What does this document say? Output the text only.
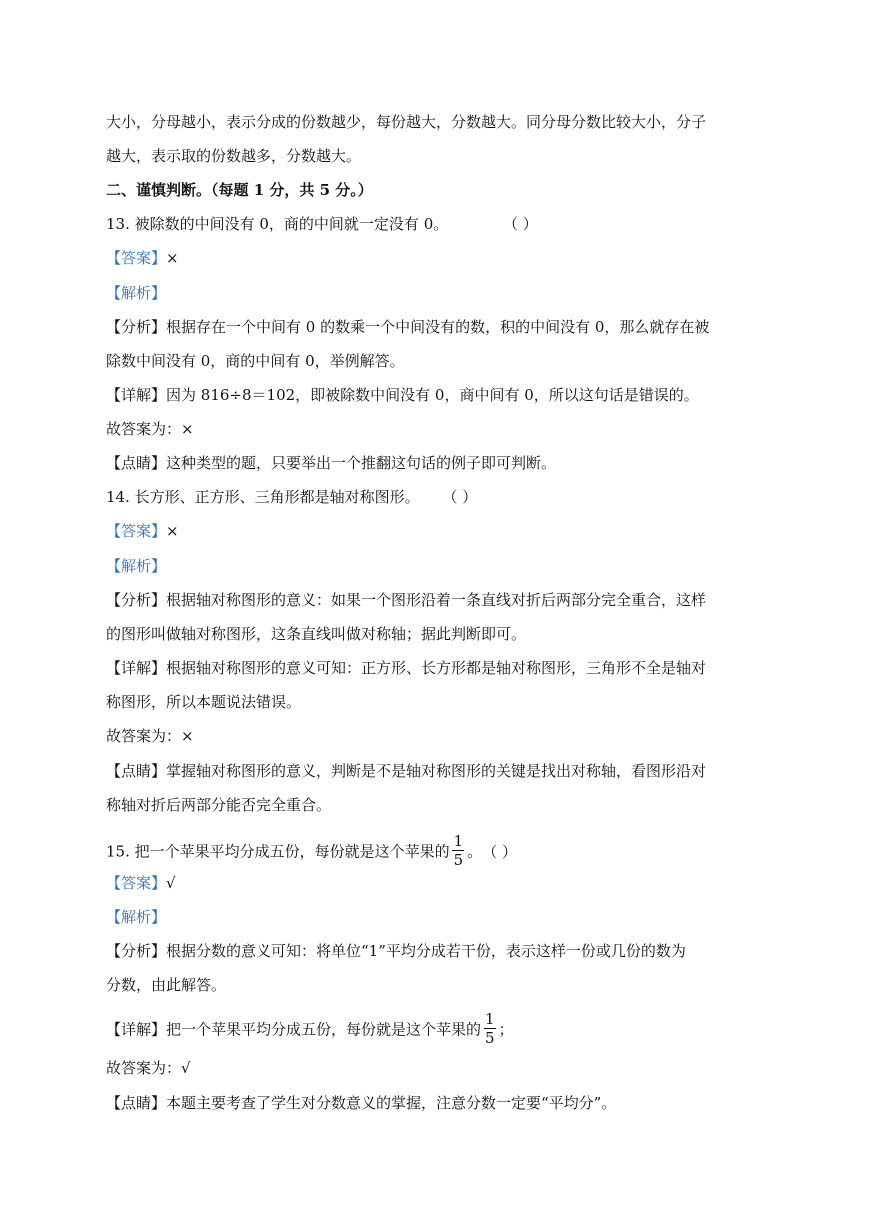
大小，分母越小，表示分成的份数越少，每份越大，分数越大。同分母分数比较大小，分子
越大，表示取的份数越多，分数越大。
二、谨慎判断。（每题 1 分，共 5 分。）
13. 被除数的中间没有 0，商的中间就一定没有 0。	（ ）
【答案】×
【解析】
【分析】根据存在一个中间有 0 的数乘一个中间没有的数，积的中间没有 0，那么就存在被
除数中间没有 0，商的中间有 0，举例解答。
【详解】因为 816÷8＝102，即被除数中间没有 0，商中间有 0，所以这句话是错误的。
故答案为：×
【点睛】这种类型的题，只要举出一个推翻这句话的例子即可判断。
14. 长方形、正方形、三角形都是轴对称图形。 （ ）
【答案】×
【解析】
【分析】根据轴对称图形的意义：如果一个图形沿着一条直线对折后两部分完全重合，这样
的图形叫做轴对称图形，这条直线叫做对称轴；据此判断即可。
【详解】根据轴对称图形的意义可知：正方形、长方形都是轴对称图形，三角形不全是轴对
称图形，所以本题说法错误。
故答案为：×
【点睛】掌握轴对称图形的意义，判断是不是轴对称图形的关键是找出对称轴，看图形沿对
称轴对折后两部分能否完全重合。
15. 把一个苹果平均分成五份，每份就是这个苹果的 $\frac{1}{5}$ 。（ ）
【答案】√
【解析】
【分析】根据分数的意义可知：将单位“1”平均分成若干份，表示这样一份或几份的数为
分数，由此解答。
【详解】把一个苹果平均分成五份，每份就是这个苹果的 $\frac{1}{5}$ ；
故答案为：√
【点睛】本题主要考查了学生对分数意义的掌握，注意分数一定要“平均分”。
